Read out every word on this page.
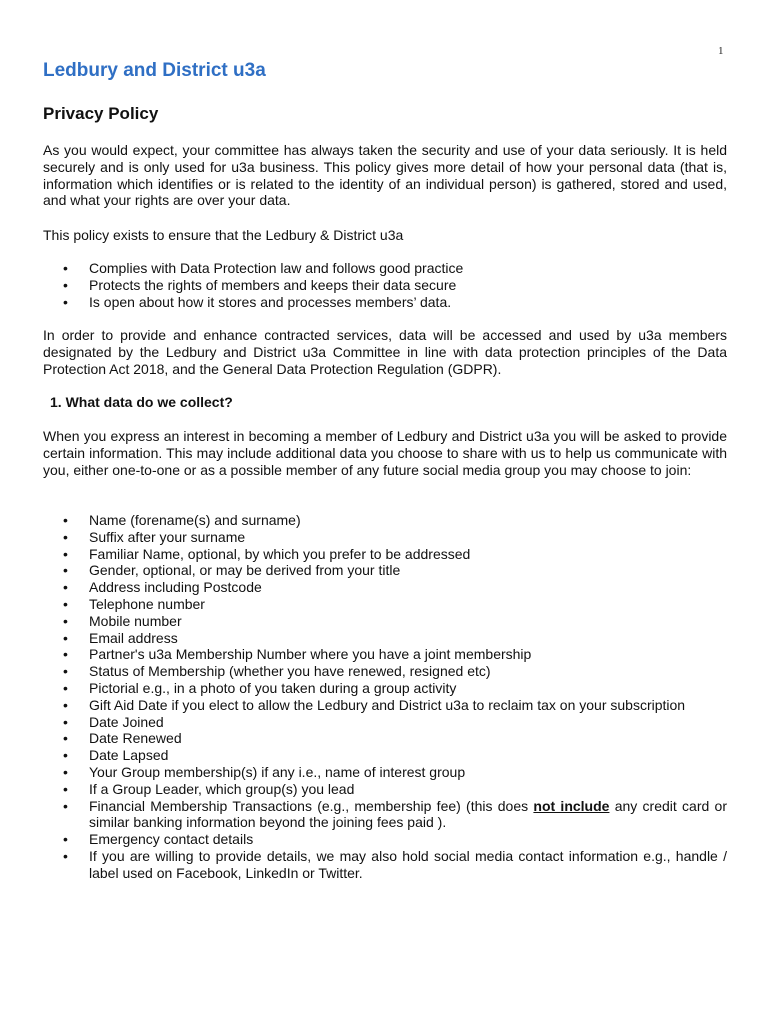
1
Ledbury and District u3a
Privacy Policy

As you would expect, your committee has always taken the security and use of your data seriously. It is held securely and is only used for u3a business. This policy gives more detail of how your personal data (that is, information which identifies or is related to the identity of an individual person) is gathered, stored and used, and what your rights are over your data.

This policy exists to ensure that the Ledbury & District u3a

• Complies with Data Protection law and follows good practice
• Protects the rights of members and keeps their data secure
• Is open about how it stores and processes members’ data.

In order to provide and enhance contracted services, data will be accessed and used by u3a members designated by the Ledbury and District u3a Committee in line with data protection principles of the Data Protection Act 2018, and the General Data Protection Regulation (GDPR).

1. What data do we collect?

When you express an interest in becoming a member of Ledbury and District u3a you will be asked to provide certain information. This may include additional data you choose to share with us to help us communicate with you, either one-to-one or as a possible member of any future social media group you may choose to join:

• Name (forename(s) and surname)
• Suffix after your surname
• Familiar Name, optional, by which you prefer to be addressed
• Gender, optional, or may be derived from your title
• Address including Postcode
• Telephone number
• Mobile number
• Email address
• Partner's u3a Membership Number where you have a joint membership
• Status of Membership (whether you have renewed, resigned etc)
• Pictorial e.g., in a photo of you taken during a group activity
• Gift Aid Date if you elect to allow the Ledbury and District u3a to reclaim tax on your subscription
• Date Joined
• Date Renewed
• Date Lapsed
• Your Group membership(s) if any i.e., name of interest group
• If a Group Leader, which group(s) you lead
• Financial Membership Transactions (e.g., membership fee) (this does not include any credit card or similar banking information beyond the joining fees paid ).
• Emergency contact details
• If you are willing to provide details, we may also hold social media contact information e.g., handle / label used on Facebook, LinkedIn or Twitter.
